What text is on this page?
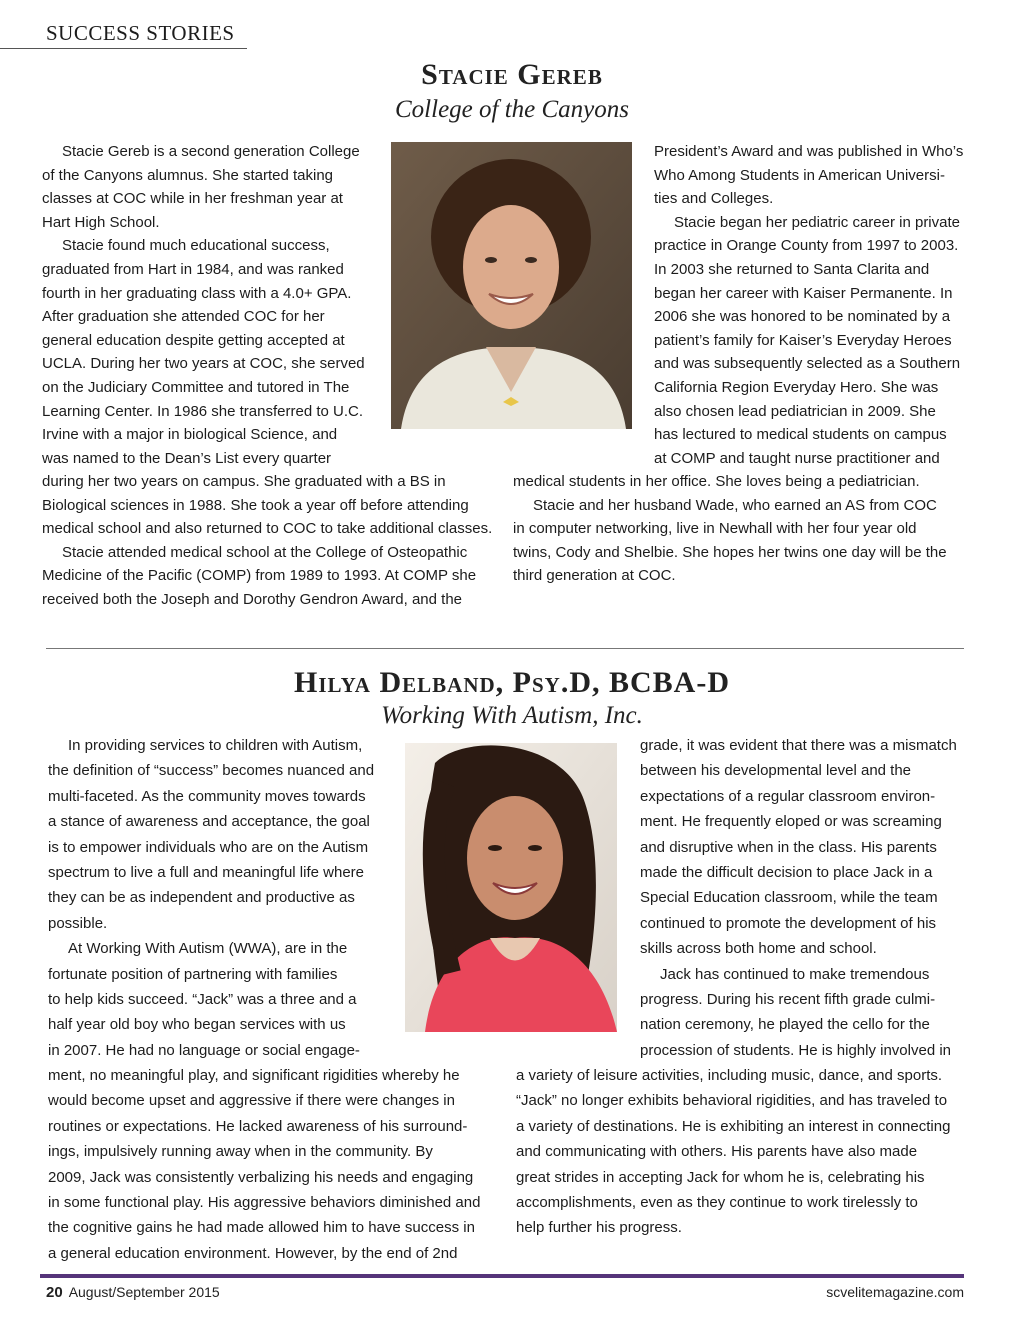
SUCCESS STORIES
Stacie Gereb
College of the Canyons
Stacie Gereb is a second generation College
of the Canyons alumnus. She started taking
classes at COC while in her freshman year at
Hart High School.
Stacie found much educational success,
graduated from Hart in 1984, and was ranked
fourth in her graduating class with a 4.0+ GPA.
After graduation she attended COC for her
general education despite getting accepted at
UCLA. During her two years at COC, she served
on the Judiciary Committee and tutored in The
Learning Center. In 1986 she transferred to U.C.
Irvine with a major in biological Science, and
was named to the Dean’s List every quarter
during her two years on campus. She graduated with a BS in
Biological sciences in 1988. She took a year off before attending
medical school and also returned to COC to take additional classes.
Stacie attended medical school at the College of Osteopathic
Medicine of the Pacific (COMP) from 1989 to 1993. At COMP she
received both the Joseph and Dorothy Gendron Award, and the
President’s Award and was published in Who’s
Who Among Students in American Universi-
ties and Colleges.
Stacie began her pediatric career in private
practice in Orange County from 1997 to 2003.
In 2003 she returned to Santa Clarita and
began her career with Kaiser Permanente. In
2006 she was honored to be nominated by a
patient’s family for Kaiser’s Everyday Heroes
and was subsequently selected as a Southern
California Region Everyday Hero. She was
also chosen lead pediatrician in 2009. She
has lectured to medical students on campus
at COMP and taught nurse practitioner and
medical students in her office. She loves being a pediatrician.
Stacie and her husband Wade, who earned an AS from COC
in computer networking, live in Newhall with her four year old
twins, Cody and Shelbie. She hopes her twins one day will be the
third generation at COC.
Hilya Delband, Psy.D, BCBA-D
Working With Autism, Inc.
In providing services to children with Autism,
the definition of “success” becomes nuanced and
multi-faceted. As the community moves towards
a stance of awareness and acceptance, the goal
is to empower individuals who are on the Autism
spectrum to live a full and meaningful life where
they can be as independent and productive as
possible.
At Working With Autism (WWA), are in the
fortunate position of partnering with families
to help kids succeed. “Jack” was a three and a
half year old boy who began services with us
in 2007. He had no language or social engage-
ment, no meaningful play, and significant rigidities whereby he
would become upset and aggressive if there were changes in
routines or expectations. He lacked awareness of his surround-
ings, impulsively running away when in the community. By
2009, Jack was consistently verbalizing his needs and engaging
in some functional play. His aggressive behaviors diminished and
the cognitive gains he had made allowed him to have success in
a general education environment. However, by the end of 2nd
grade, it was evident that there was a mismatch
between his developmental level and the
expectations of a regular classroom environ-
ment. He frequently eloped or was screaming
and disruptive when in the class. His parents
made the difficult decision to place Jack in a
Special Education classroom, while the team
continued to promote the development of his
skills across both home and school.
Jack has continued to make tremendous
progress. During his recent fifth grade culmi-
nation ceremony, he played the cello for the
procession of students. He is highly involved in
a variety of leisure activities, including music, dance, and sports.
“Jack” no longer exhibits behavioral rigidities, and has traveled to
a variety of destinations. He is exhibiting an interest in connecting
and communicating with others. His parents have also made
great strides in accepting Jack for whom he is, celebrating his
accomplishments, even as they continue to work tirelessly to
help further his progress.
20 August/September 2015	scvelitemagazine.com
